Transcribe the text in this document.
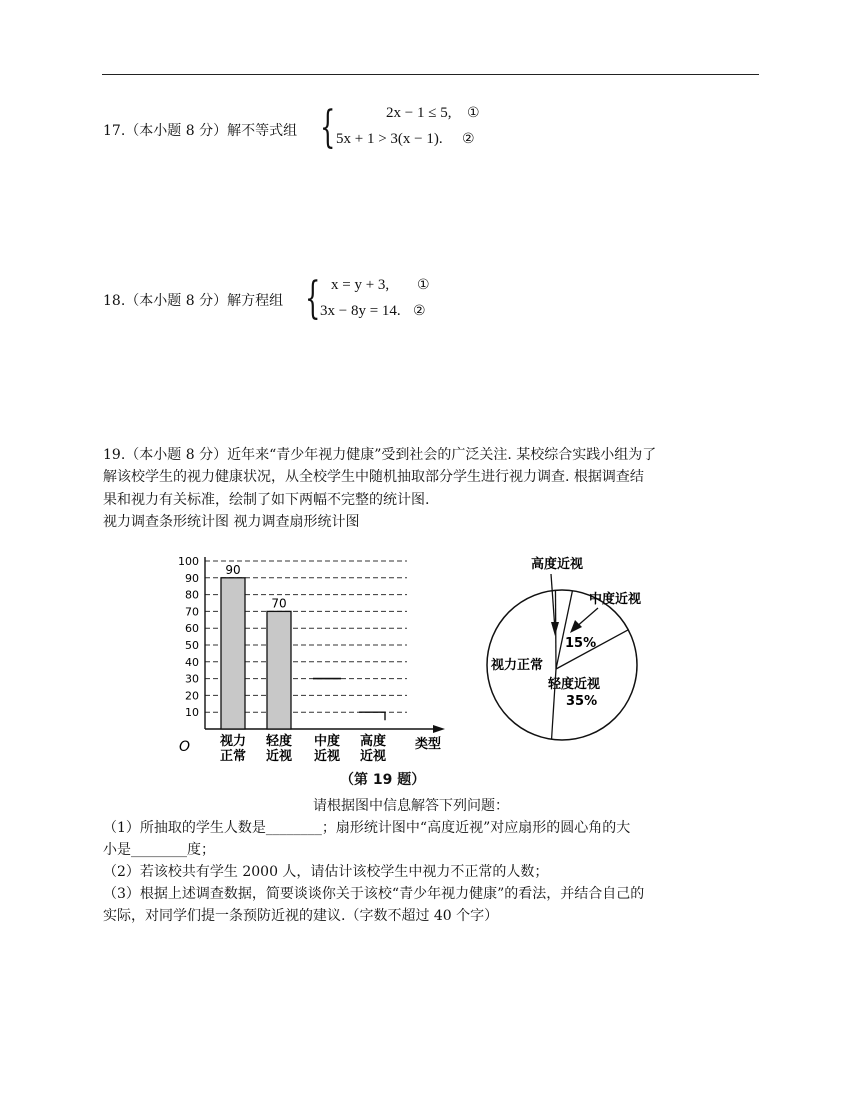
17.（本小题 8 分）解不等式组 {	2x − 1 ≤ 5,
5x + 1 > 3(x − 1).
①
②
18.（本小题 8 分）解方程组 { x = y + 3,
3x − 8y = 14.
①
②
19.（本小题 8 分）近年来“青少年视力健康”受到社会的广泛关注. 某校综合实践小组为了
解该校学生的视力健康状况，从全校学生中随机抽取部分学生进行视力调查. 根据调查结
果和视力有关标准，绘制了如下两幅不完整的统计图.
视力调查条形统计图 视力调查扇形统计图
10
20
30
40
50
60
70
80
90
100
O	类型
90
视力
正常
70
轻度
近视
中度
近视
高度
近视
高度近视
中度近视
15%
轻度近视
35%
视力正常
（第 19 题）
请根据图中信息解答下列问题：
（1）所抽取的学生人数是________；扇形统计图中“高度近视”对应扇形的圆心角的大
小是________度；
（2）若该校共有学生 2000 人，请估计该校学生中视力不正常的人数；
（3）根据上述调查数据，简要谈谈你关于该校“青少年视力健康”的看法，并结合自己的
实际，对同学们提一条预防近视的建议.（字数不超过 40 个字）
